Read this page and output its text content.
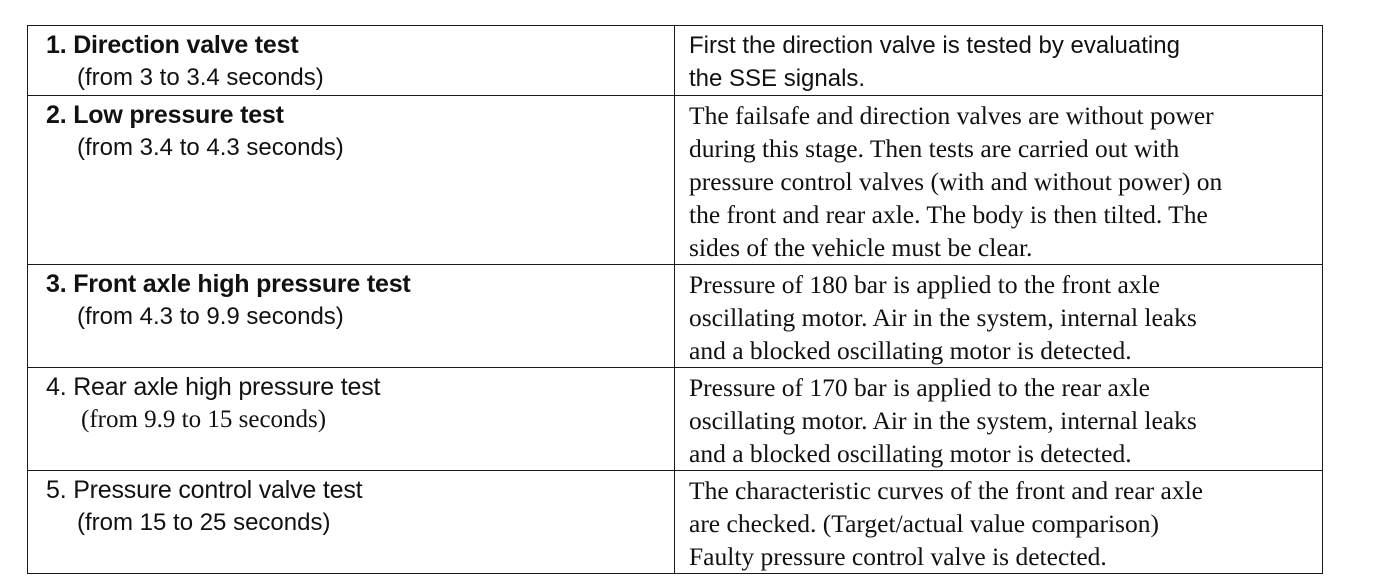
1. Direction valve test
(from 3 to 3.4 seconds)	First the direction valve is tested by evaluating
the SSE signals.

2. Low pressure test
(from 3.4 to 4.3 seconds)	The failsafe and direction valves are without power
during this stage. Then tests are carried out with
pressure control valves (with and without power) on
the front and rear axle. The body is then tilted. The
sides of the vehicle must be clear.

3. Front axle high pressure test
(from 4.3 to 9.9 seconds)	Pressure of 180 bar is applied to the front axle
oscillating motor. Air in the system, internal leaks
and a blocked oscillating motor is detected.

4. Rear axle high pressure test
(from 9.9 to 15 seconds)	Pressure of 170 bar is applied to the rear axle
oscillating motor. Air in the system, internal leaks
and a blocked oscillating motor is detected.

5. Pressure control valve test
(from 15 to 25 seconds)	The characteristic curves of the front and rear axle
are checked. (Target/actual value comparison)
Faulty pressure control valve is detected.
